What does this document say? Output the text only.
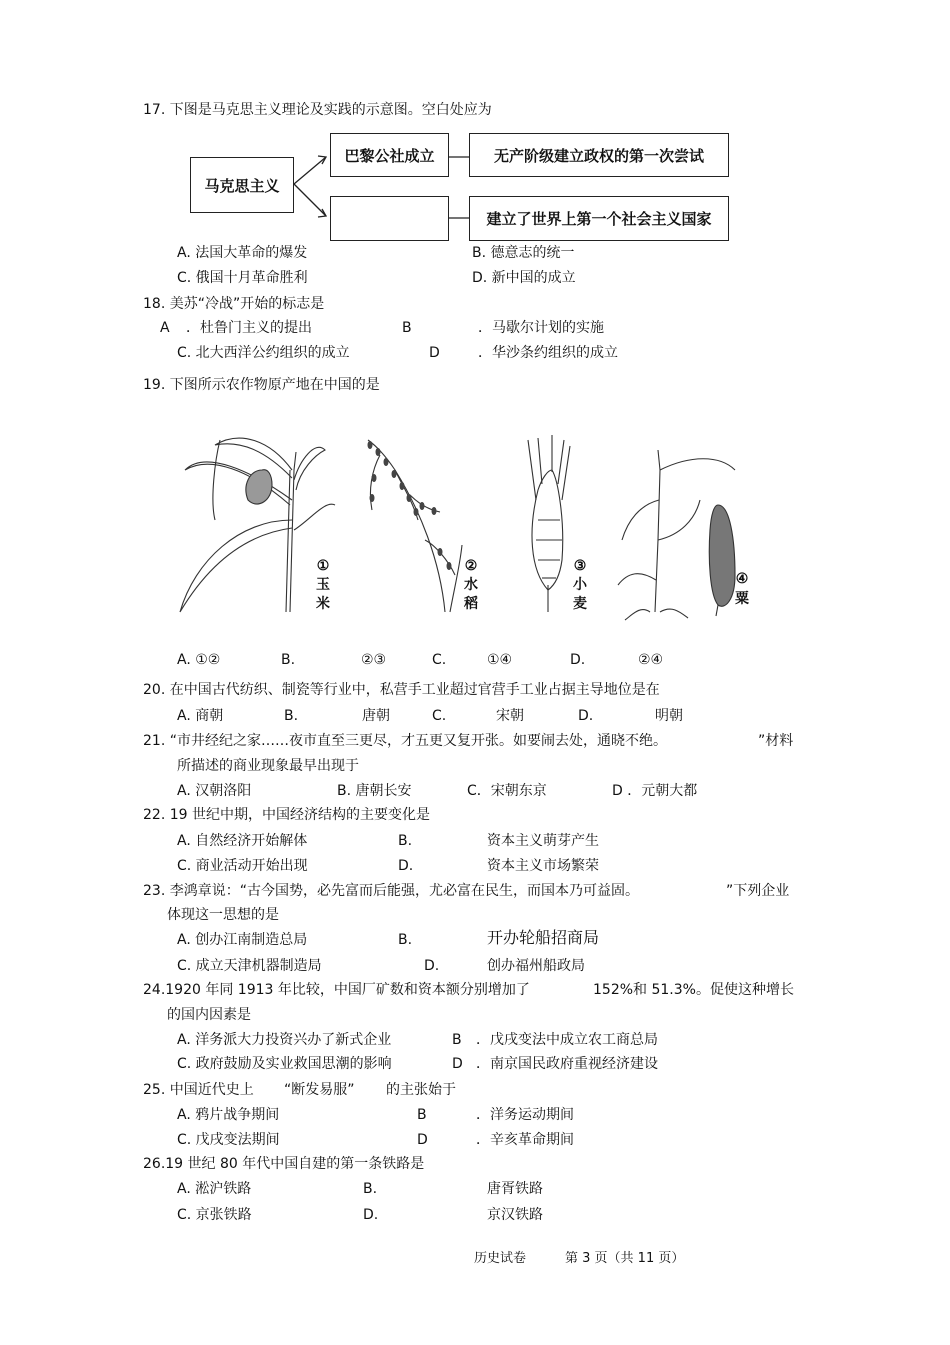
17. 下图是马克思主义理论及实践的示意图。空白处应为
马克思主义
巴黎公社成立	无产阶级建立政权的第一次尝试
建立了世界上第一个社会主义国家
A. 法国大革命的爆发	B. 德意志的统一
C. 俄国十月革命胜利	D. 新中国的成立
18. 美苏“冷战”开始的标志是
A ．杜鲁门主义的提出	B	．马歇尔计划的实施
C. 北大西洋公约组织的成立	D	．华沙条约组织的成立
19. 下图所示农作物原产地在中国的是
①
玉
米
②
水
稻
③
小
麦
④
粟
A. ①②	B.	②③	C.	①④	D.	②④
20. 在中国古代纺织、制瓷等行业中，私营手工业超过官营手工业占据主导地位是在
A. 商朝	B.	唐朝	C.	宋朝	D.	明朝
21. “市井经纪之家……夜市直至三更尽，才五更又复开张。如要闹去处，通晓不绝。	”材料
所描述的商业现象最早出现于
A. 汉朝洛阳	B. 唐朝长安	C．宋朝东京	D ．元朝大都
22. 19 世纪中期，中国经济结构的主要变化是
A. 自然经济开始解体	B.	资本主义萌芽产生
C. 商业活动开始出现	D.	资本主义市场繁荣
23. 李鸿章说：“古今国势，必先富而后能强，尤必富在民生，而国本乃可益固。	”下列企业
体现这一思想的是
A. 创办江南制造总局	B.	开办轮船招商局
C. 成立天津机器制造局	D.	创办福州船政局
24.1920 年同 1913 年比较，中国厂矿数和资本额分别增加了	152%和 51.3%。促使这种增长
的国内因素是
A. 洋务派大力投资兴办了新式企业	B ．戊戌变法中成立农工商总局
C. 政府鼓励及实业救国思潮的影响	D ．南京国民政府重视经济建设
25. 中国近代史上 “断发易服” 的主张始于
A. 鸦片战争期间	B	．洋务运动期间
C. 戊戌变法期间	D	．辛亥革命期间
26.19 世纪 80 年代中国自建的第一条铁路是
A. 淞沪铁路	B.	唐胥铁路
C. 京张铁路	D.	京汉铁路
历史试卷	第 3 页（共 11 页）
